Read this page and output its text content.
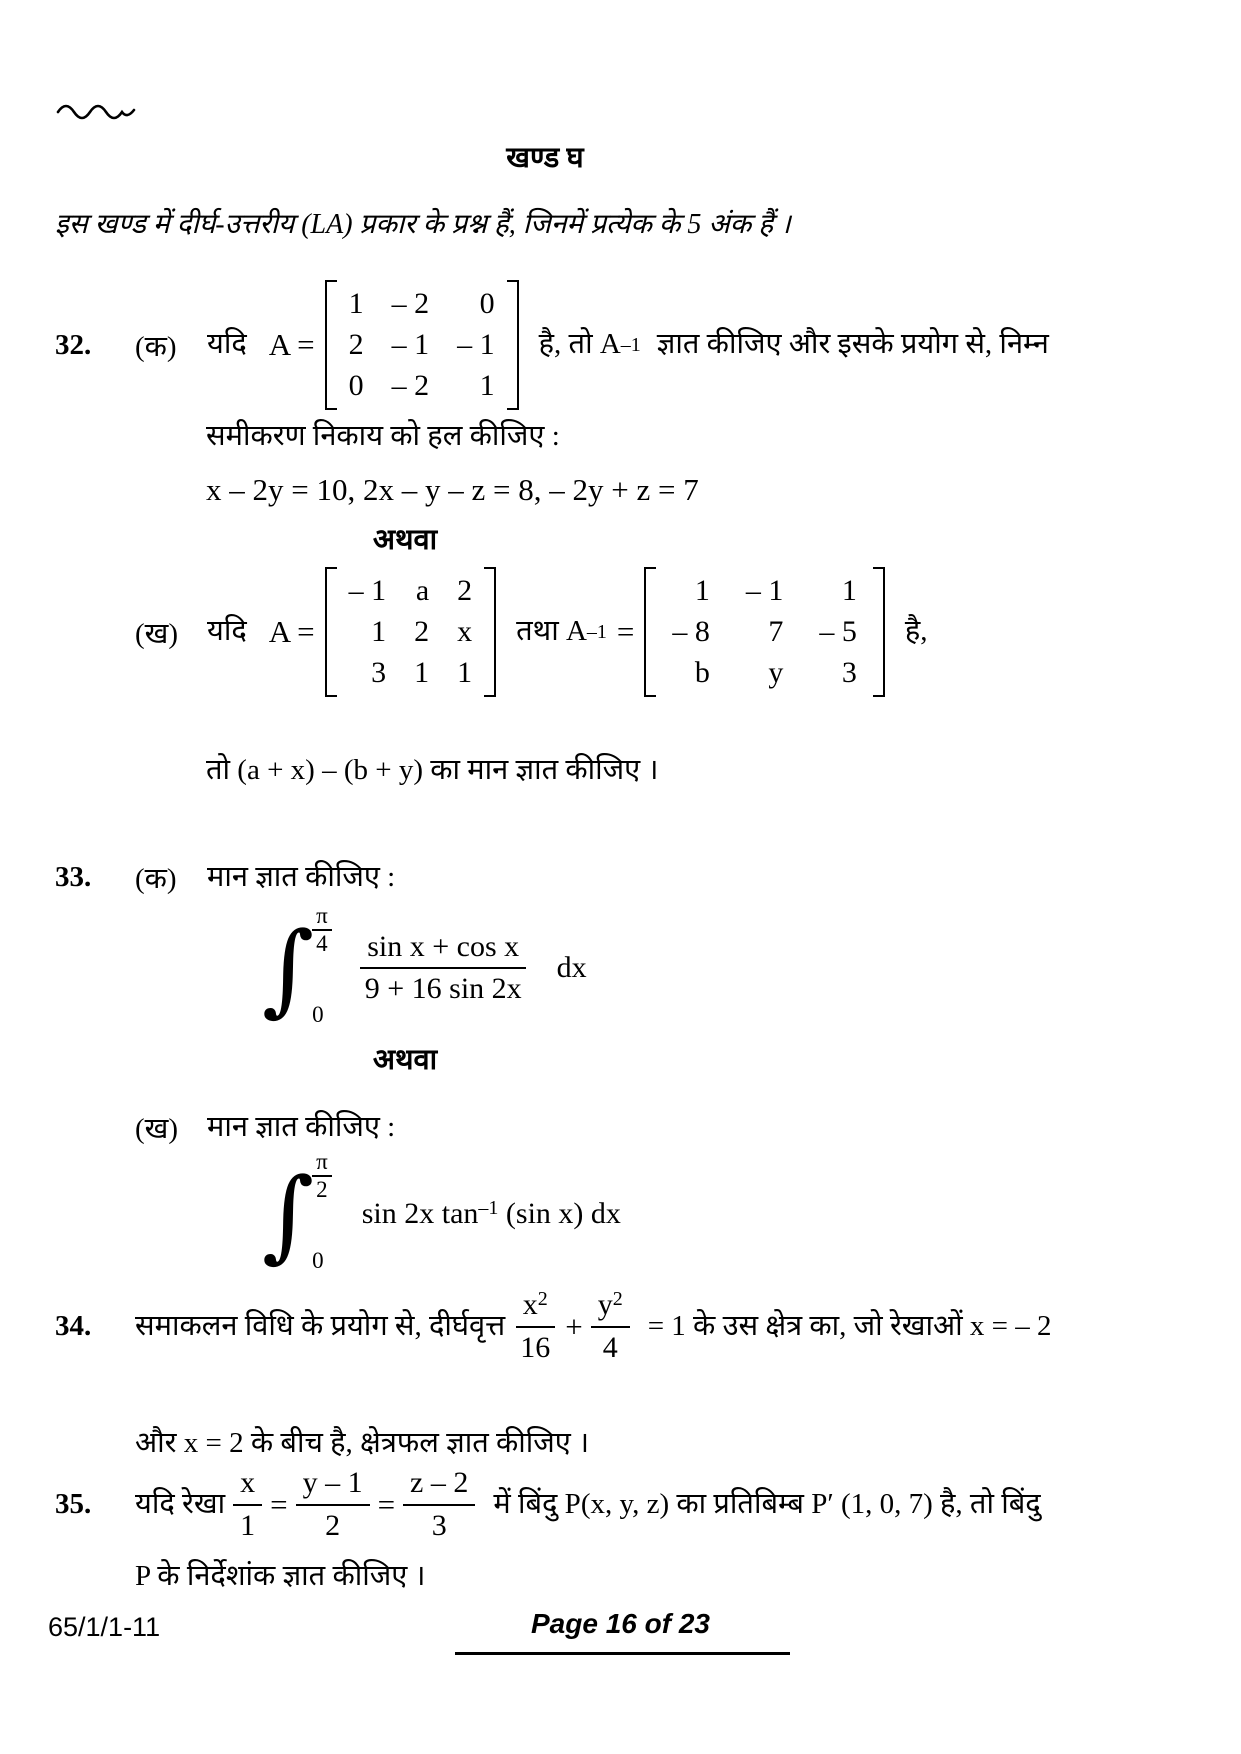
खण्ड घ
इस खण्ड में दीर्घ-उत्तरीय (LA) प्रकार के प्रश्न हैं, जिनमें प्रत्येक के 5 अंक हैं ।
32.	(क)	यदि A =
1 – 2 0
2 – 1 – 1
0 – 2 1
है, तो A –1 ज्ञात कीजिए और इसके प्रयोग से, निम्न
समीकरण निकाय को हल कीजिए :
x – 2y = 10, 2x – y – z = 8, – 2y + z = 7
अथवा
(ख) यदि A =
– 1 a 2
1 2 x
3 1 1
तथा A –1 =
1 – 1 1
– 8 7 – 5
b y 3
है,
तो (a + x) – (b + y) का मान ज्ञात कीजिए ।
33.	(क)	मान ज्ञात कीजिए :
∫
$\frac{\pi}{4}$
0
$\frac{\text{sin x + cos x}}{9 + 16 \sin 2x}$ dx
अथवा
(ख) मान ज्ञात कीजिए :
∫
$\frac{\pi}{2}$
0
sin 2x $\tan^{-1} (\sin$ x) dx
34.	समाकलन विधि के प्रयोग से, दीर्घवृत्त $\frac{x^2}{16} + \frac{y^2}{4} = 1$ के उस क्षेत्र का, जो रेखाओं x = – 2
और x = 2 के बीच है, क्षेत्रफल ज्ञात कीजिए ।
35.	यदि रेखा $\frac{x}{1} = \frac{y - 1}{2} = \frac{z - 2}{3}$ में बिंदु P(x, y, z) का प्रतिबिम्ब P′ (1, 0, 7) है, तो बिंदु
P के निर्देशांक ज्ञात कीजिए ।
65/1/1-11	Page 16 of 23
